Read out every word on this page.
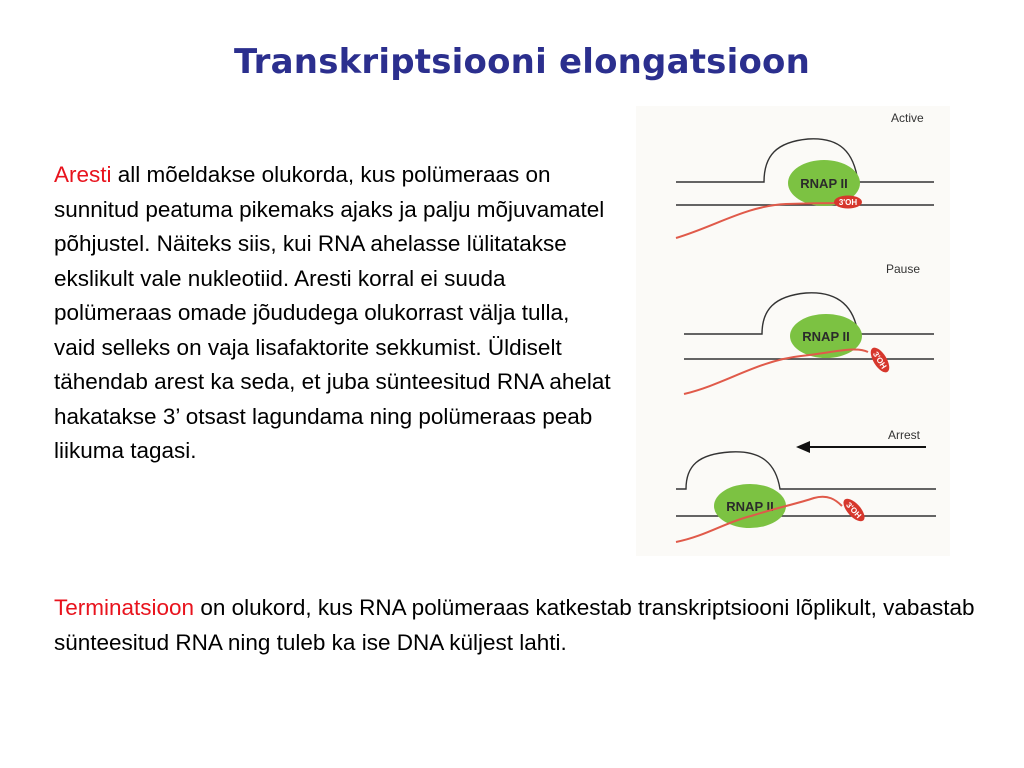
Transkriptsiooni elongatsioon
Aresti all mõeldakse olukorda, kus polümeraas on sunnitud peatuma pikemaks ajaks ja palju mõjuvamatel põhjustel. Näiteks siis, kui RNA ahelasse lülitatakse ekslikult vale nukleotiid. Aresti korral ei suuda polümeraas omade jõududega olukorrast välja tulla, vaid selleks on vaja lisafaktorite sekkumist. Üldiselt tähendab arest ka seda, et juba sünteesitud RNA ahelat hakatakse 3’ otsast lagundama ning polümeraas peab liikuma tagasi.
Terminatsioon on olukord, kus RNA polümeraas katkestab transkriptsiooni lõplikult, vabastab sünteesitud RNA ning tuleb ka ise DNA küljest lahti.
Active
RNAP II
3'OH
Pause
RNAP II
3'OH
Arrest
RNAP II	3'OH
